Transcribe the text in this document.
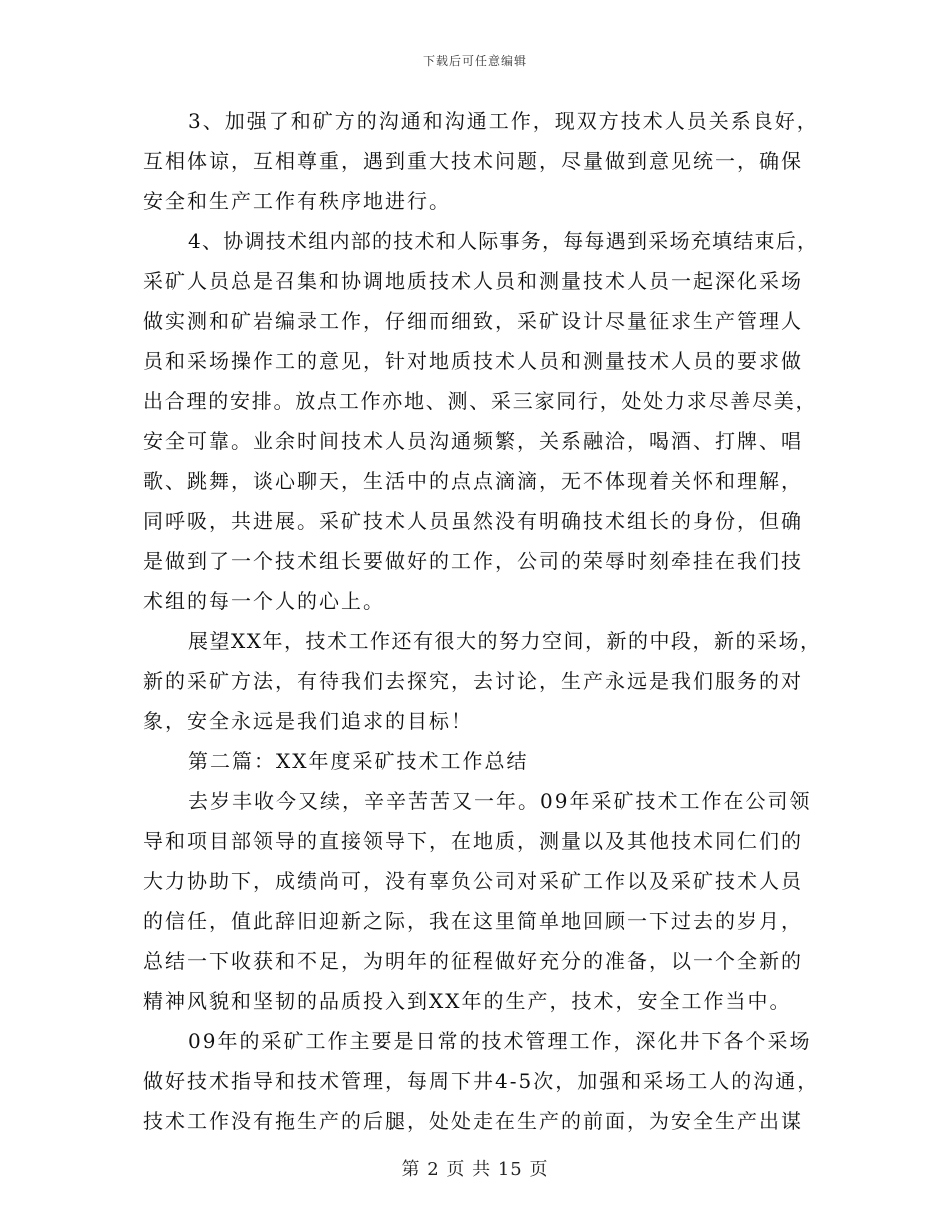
下载后可任意编辑
3、加强了和矿方的沟通和沟通工作，现双方技术人员关系良好，
互相体谅，互相尊重，遇到重大技术问题，尽量做到意见统一，确保
安全和生产工作有秩序地进行。
4、协调技术组内部的技术和人际事务，每每遇到采场充填结束后，
采矿人员总是召集和协调地质技术人员和测量技术人员一起深化采场
做实测和矿岩编录工作，仔细而细致，采矿设计尽量征求生产管理人
员和采场操作工的意见，针对地质技术人员和测量技术人员的要求做
出合理的安排。放点工作亦地、测、采三家同行，处处力求尽善尽美，
安全可靠。业余时间技术人员沟通频繁，关系融洽，喝酒、打牌、唱
歌、跳舞，谈心聊天，生活中的点点滴滴，无不体现着关怀和理解，
同呼吸，共进展。采矿技术人员虽然没有明确技术组长的身份，但确
是做到了一个技术组长要做好的工作，公司的荣辱时刻牵挂在我们技
术组的每一个人的心上。
展望XX年，技术工作还有很大的努力空间，新的中段，新的采场，
新的采矿方法，有待我们去探究，去讨论，生产永远是我们服务的对
象，安全永远是我们追求的目标！
第二篇：XX年度采矿技术工作总结
去岁丰收今又续，辛辛苦苦又一年。09年采矿技术工作在公司领
导和项目部领导的直接领导下，在地质，测量以及其他技术同仁们的
大力协助下，成绩尚可，没有辜负公司对采矿工作以及采矿技术人员
的信任，值此辞旧迎新之际，我在这里简单地回顾一下过去的岁月，
总结一下收获和不足，为明年的征程做好充分的准备，以一个全新的
精神风貌和坚韧的品质投入到XX年的生产，技术，安全工作当中。
09年的采矿工作主要是日常的技术管理工作，深化井下各个采场
做好技术指导和技术管理，每周下井4-5次，加强和采场工人的沟通，
技术工作没有拖生产的后腿，处处走在生产的前面，为安全生产出谋
第 2 页 共 15 页
